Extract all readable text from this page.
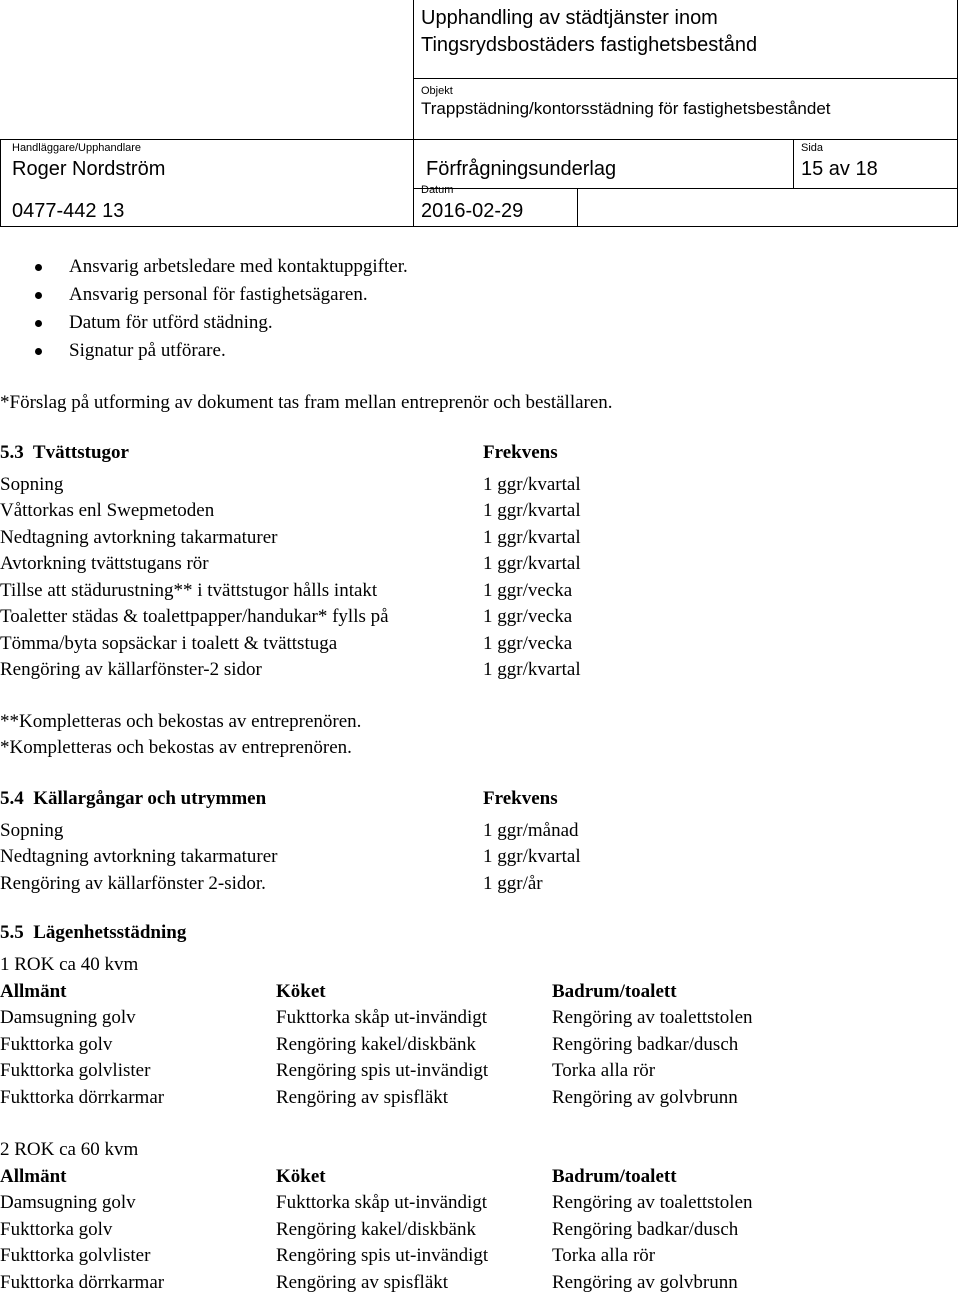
Upphandling av städtjänster inom
Tingsrydsbostäders fastighetsbestånd
Objekt
Trappstädning/kontorsstädning för fastighetsbeståndet
Handläggare/Upphandlare
Roger Nordström	Förfrågningsunderlag
Sida
15 av 18
0477-442 13
Datum
2016-02-29
Ansvarig arbetsledare med kontaktuppgifter.
Ansvarig personal för fastighetsägaren.
Datum för utförd städning.
Signatur på utförare.
*Förslag på utforming av dokument tas fram mellan entreprenör och beställaren.
5.3  Tvättstugor	Frekvens
Sopning	1 ggr/kvartal
Våttorkas enl Swepmetoden	1 ggr/kvartal
Nedtagning avtorkning takarmaturer	1 ggr/kvartal
Avtorkning tvättstugans rör	1 ggr/kvartal
Tillse att städurustning** i tvättstugor hålls intakt	1 ggr/vecka
Toaletter städas & toalettpapper/handukar* fylls på	1 ggr/vecka
Tömma/byta sopsäckar i toalett & tvättstuga	1 ggr/vecka
Rengöring av källarfönster-2 sidor	1 ggr/kvartal
**Kompletteras och bekostas av entreprenören.
*Kompletteras och bekostas av entreprenören.
5.4  Källargångar och utrymmen	Frekvens
Sopning	1 ggr/månad
Nedtagning avtorkning takarmaturer	1 ggr/kvartal
Rengöring av källarfönster 2-sidor.	1 ggr/år
5.5  Lägenhetsstädning
1 ROK ca 40 kvm
Allmänt	Köket	Badrum/toalett
Damsugning golv	Fukttorka skåp ut-invändigt	Rengöring av toalettstolen
Fukttorka golv	Rengöring kakel/diskbänk	Rengöring badkar/dusch
Fukttorka golvlister	Rengöring spis ut-invändigt	Torka alla rör
Fukttorka dörrkarmar	Rengöring av spisfläkt	Rengöring av golvbrunn
2 ROK ca 60 kvm
Allmänt	Köket	Badrum/toalett
Damsugning golv	Fukttorka skåp ut-invändigt	Rengöring av toalettstolen
Fukttorka golv	Rengöring kakel/diskbänk	Rengöring badkar/dusch
Fukttorka golvlister	Rengöring spis ut-invändigt	Torka alla rör
Fukttorka dörrkarmar	Rengöring av spisfläkt	Rengöring av golvbrunn
